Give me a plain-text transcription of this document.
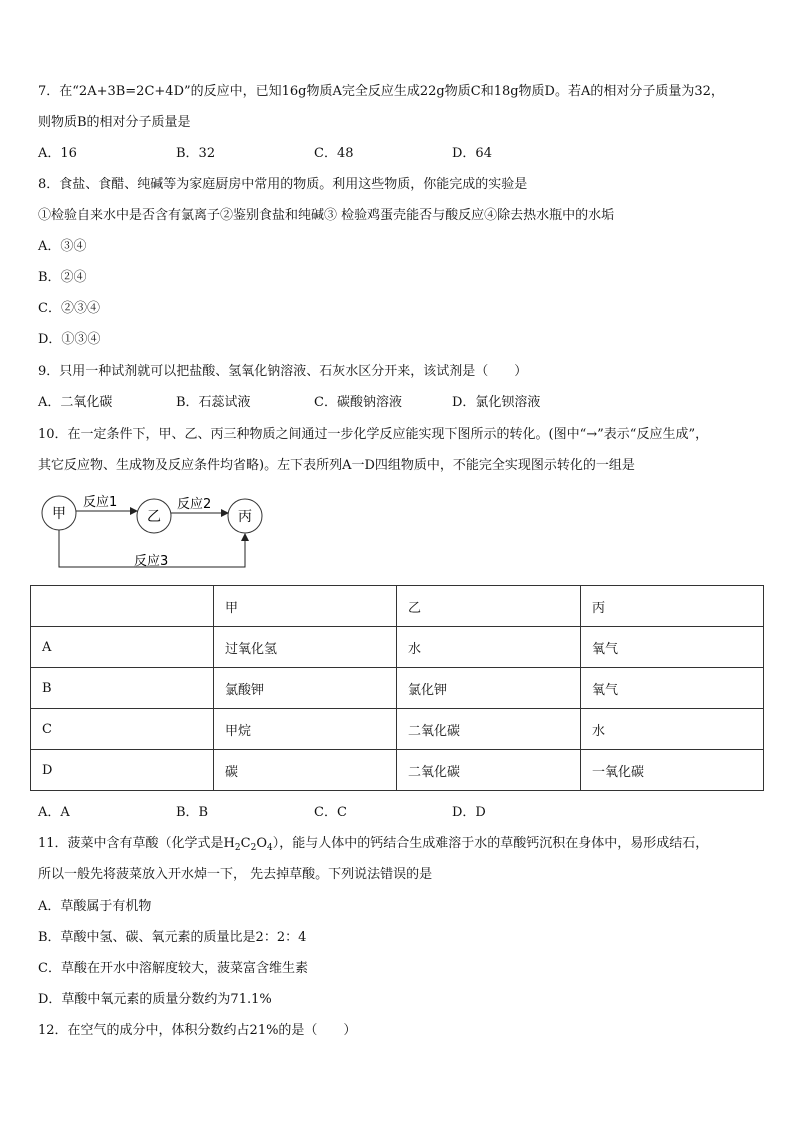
7．在“2A+3B=2C+4D”的反应中，已知16g物质A完全反应生成22g物质C和18g物质D。若A的相对分子质量为32，
则物质B的相对分子质量是
A．16	B．32	C．48	D．64
8．食盐、食醋、纯碱等为家庭厨房中常用的物质。利用这些物质，你能完成的实验是
①检验自来水中是否含有氯离子②鉴别食盐和纯碱③ 检验鸡蛋壳能否与酸反应④除去热水瓶中的水垢
A．③④
B．②④
C．②③④
D．①③④
9．只用一种试剂就可以把盐酸、氢氧化钠溶液、石灰水区分开来，该试剂是（　　）
A．二氧化碳	B．石蕊试液	C．碳酸钠溶液	D．氯化钡溶液
10．在一定条件下，甲、乙、丙三种物质之间通过一步化学反应能实现下图所示的转化。(图中“→”表示“反应生成”，
其它反应物、生成物及反应条件均省略)。左下表所列A一D四组物质中，不能完全实现图示转化的一组是
甲	乙	丙
反应1	反应2
反应3
	甲	乙	丙
A	过氧化氢	水	氧气
B	氯酸钾	氯化钾	氧气
C	甲烷	二氧化碳	水
D	碳	二氧化碳	一氧化碳
A．A	B．B	C．C	D．D
11．菠菜中含有草酸（化学式是$H_2C_2O_4$），能与人体中的钙结合生成难溶于水的草酸钙沉积在身体中，易形成结石，
所以一般先将菠菜放入开水焯一下， 先去掉草酸。下列说法错误的是
A．草酸属于有机物
B．草酸中氢、碳、氧元素的质量比是2：2：4
C．草酸在开水中溶解度较大，菠菜富含维生素
D．草酸中氧元素的质量分数约为71.1%
12．在空气的成分中，体积分数约占21%的是（　　）
